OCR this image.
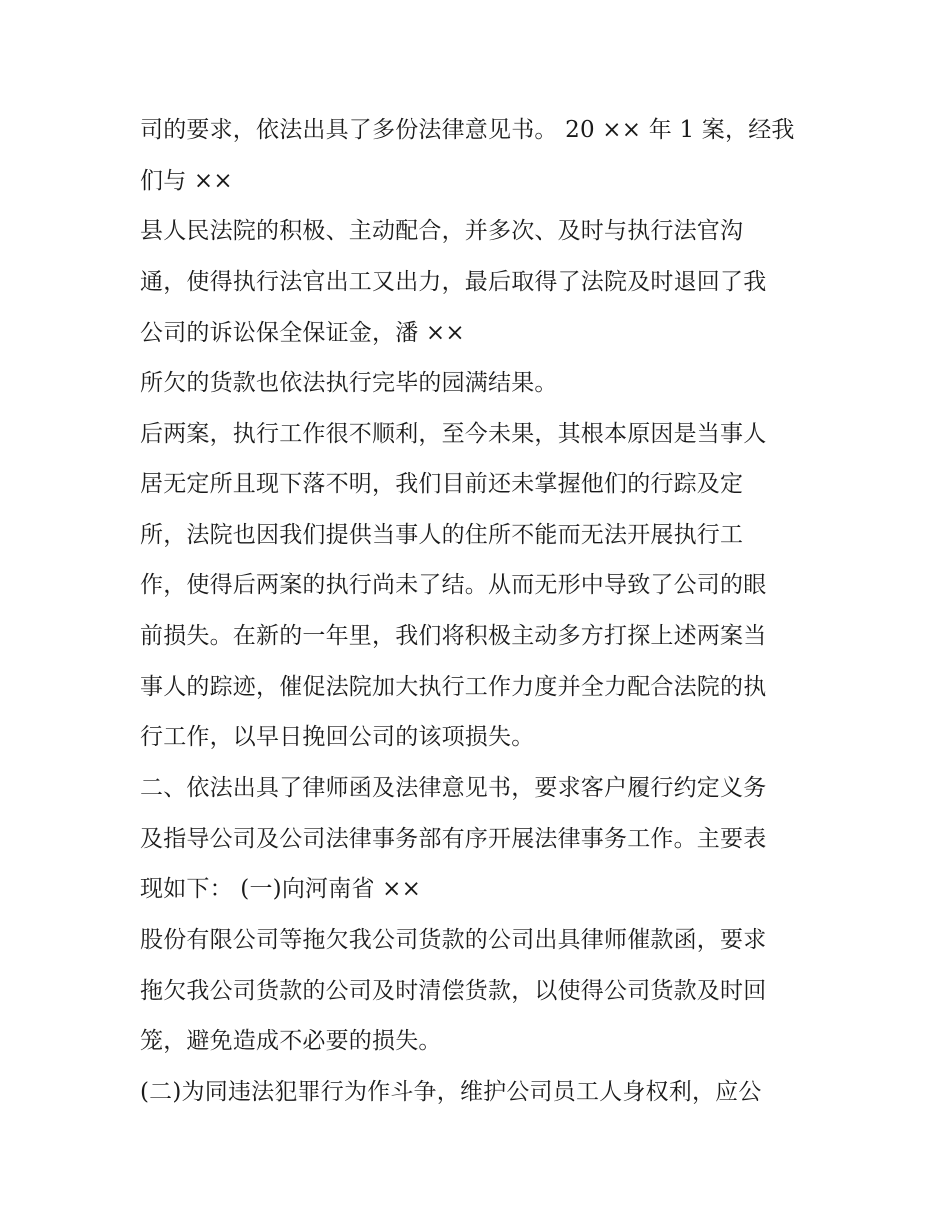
司的要求，依法出具了多份法律意见书。 20 ×× 年 1 案，经我
们与 ××
县人民法院的积极、主动配合，并多次、及时与执行法官沟
通，使得执行法官出工又出力，最后取得了法院及时退回了我
公司的诉讼保全保证金，潘 ××
所欠的货款也依法执行完毕的园满结果。
后两案，执行工作很不顺利，至今未果，其根本原因是当事人
居无定所且现下落不明，我们目前还未掌握他们的行踪及定
所，法院也因我们提供当事人的住所不能而无法开展执行工
作，使得后两案的执行尚未了结。从而无形中导致了公司的眼
前损失。在新的一年里，我们将积极主动多方打探上述两案当
事人的踪迹，催促法院加大执行工作力度并全力配合法院的执
行工作，以早日挽回公司的该项损失。
二、依法出具了律师函及法律意见书，要求客户履行约定义务
及指导公司及公司法律事务部有序开展法律事务工作。主要表
现如下： (一)向河南省 ××
股份有限公司等拖欠我公司货款的公司出具律师催款函，要求
拖欠我公司货款的公司及时清偿货款，以使得公司货款及时回
笼，避免造成不必要的损失。
(二)为同违法犯罪行为作斗争，维护公司员工人身权利，应公
